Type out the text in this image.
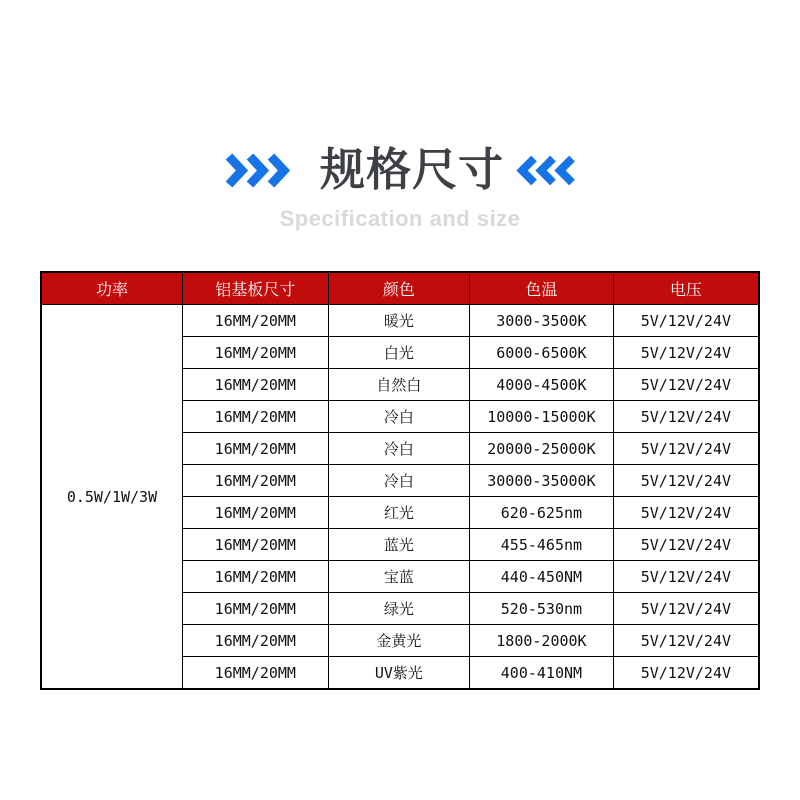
规格尺寸
Specification and size
功率	铝基板尺寸	颜色	色温	电压
0.5W/1W/3W	16MM/20MM	暖光	3000-3500K	5V/12V/24V
	16MM/20MM	白光	6000-6500K	5V/12V/24V
	16MM/20MM	自然白	4000-4500K	5V/12V/24V
	16MM/20MM	冷白	10000-15000K	5V/12V/24V
	16MM/20MM	冷白	20000-25000K	5V/12V/24V
	16MM/20MM	冷白	30000-35000K	5V/12V/24V
	16MM/20MM	红光	620-625nm	5V/12V/24V
	16MM/20MM	蓝光	455-465nm	5V/12V/24V
	16MM/20MM	宝蓝	440-450NM	5V/12V/24V
	16MM/20MM	绿光	520-530nm	5V/12V/24V
	16MM/20MM	金黄光	1800-2000K	5V/12V/24V
	16MM/20MM	UV紫光	400-410NM	5V/12V/24V
